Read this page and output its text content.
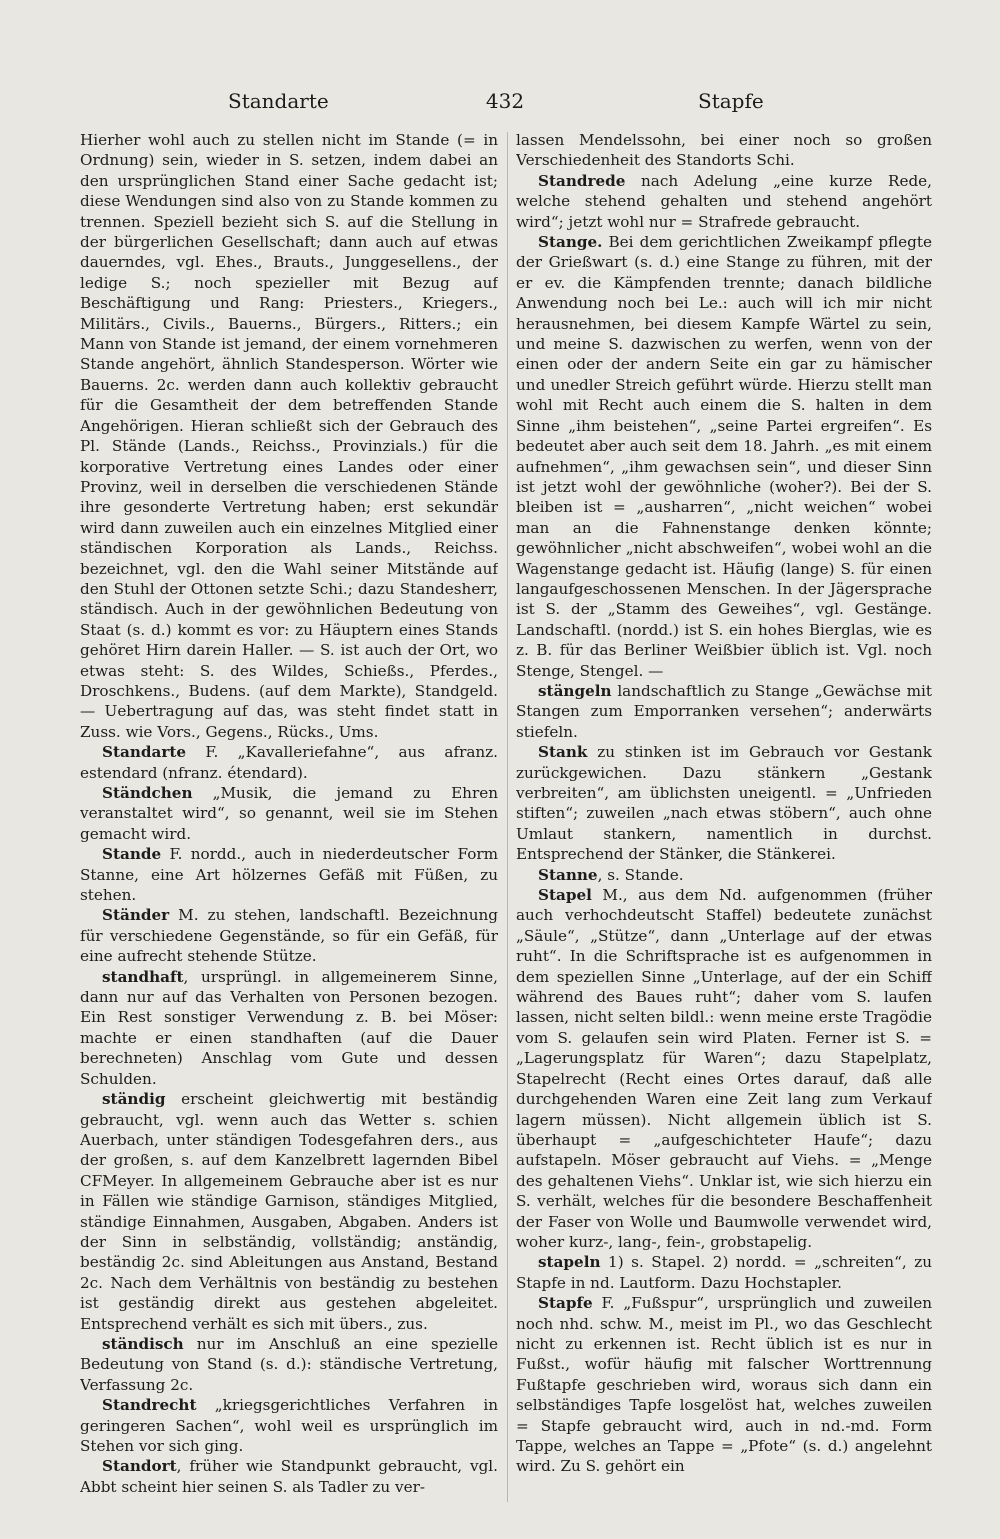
Standarte	432	Stapfe

Hierher wohl auch zu stellen nicht im Stande (= in Ordnung) sein, wieder in S. setzen, indem dabei an den ursprünglichen Stand einer Sache gedacht ist; diese Wendungen sind also von zu Stande kommen zu trennen. Speziell bezieht sich S. auf die Stellung in der bürgerlichen Gesellschaft; dann auch auf etwas dauerndes, vgl. Ehes., Brauts., Junggesellens., der ledige S.; noch spezieller mit Bezug auf Beschäftigung und Rang: Priesters., Kriegers., Militärs., Civils., Bauerns., Bürgers., Ritters.; ein Mann von Stande ist jemand, der einem vornehmeren Stande angehört, ähnlich Standesperson. Wörter wie Bauerns. 2c. werden dann auch kollektiv gebraucht für die Gesamtheit der dem betreffenden Stande Angehörigen. Hieran schließt sich der Gebrauch des Pl. Stände (Lands., Reichss., Provinzials.) für die korporative Vertretung eines Landes oder einer Provinz, weil in derselben die verschiedenen Stände ihre gesonderte Vertretung haben; erst sekundär wird dann zuweilen auch ein einzelnes Mitglied einer ständischen Korporation als Lands., Reichss. bezeichnet, vgl. den die Wahl seiner Mitstände auf den Stuhl der Ottonen setzte Schi.; dazu Standesherr, ständisch. Auch in der gewöhnlichen Bedeutung von Staat (s. d.) kommt es vor: zu Häuptern eines Stands gehöret Hirn darein Haller. — S. ist auch der Ort, wo etwas steht: S. des Wildes, Schießs., Pferdes., Droschkens., Budens. (auf dem Markte), Standgeld. — Uebertragung auf das, was steht findet statt in Zuss. wie Vors., Gegens., Rücks., Ums.

Standarte F. „Kavalleriefahne“, aus afranz. estendard (nfranz. étendard).

Ständchen „Musik, die jemand zu Ehren veranstaltet wird“, so genannt, weil sie im Stehen gemacht wird.

Stande F. nordd., auch in niederdeutscher Form Stanne, eine Art hölzernes Gefäß mit Füßen, zu stehen.

Ständer M. zu stehen, landschaftl. Bezeichnung für verschiedene Gegenstände, so für ein Gefäß, für eine aufrecht stehende Stütze.

standhaft, ursprüngl. in allgemeinerem Sinne, dann nur auf das Verhalten von Personen bezogen. Ein Rest sonstiger Verwendung z. B. bei Möser: machte er einen standhaften (auf die Dauer berechneten) Anschlag vom Gute und dessen Schulden.

ständig erscheint gleichwertig mit beständig gebraucht, vgl. wenn auch das Wetter s. schien Auerbach, unter ständigen Todesgefahren ders., aus der großen, s. auf dem Kanzelbrett lagernden Bibel CFMeyer. In allgemeinem Gebrauche aber ist es nur in Fällen wie ständige Garnison, ständiges Mitglied, ständige Einnahmen, Ausgaben, Abgaben. Anders ist der Sinn in selbständig, vollständig; anständig, beständig 2c. sind Ableitungen aus Anstand, Bestand 2c. Nach dem Verhältnis von beständig zu bestehen ist geständig direkt aus gestehen abgeleitet. Entsprechend verhält es sich mit übers., zus.

ständisch nur im Anschluß an eine spezielle Bedeutung von Stand (s. d.): ständische Vertretung, Verfassung 2c.

Standrecht „kriegsgerichtliches Verfahren in geringeren Sachen“, wohl weil es ursprünglich im Stehen vor sich ging.

Standort, früher wie Standpunkt gebraucht, vgl. Abbt scheint hier seinen S. als Tadler zu ver-

lassen Mendelssohn, bei einer noch so großen Verschiedenheit des Standorts Schi.

Standrede nach Adelung „eine kurze Rede, welche stehend gehalten und stehend angehört wird“; jetzt wohl nur = Strafrede gebraucht.

Stange. Bei dem gerichtlichen Zweikampf pflegte der Grießwart (s. d.) eine Stange zu führen, mit der er ev. die Kämpfenden trennte; danach bildliche Anwendung noch bei Le.: auch will ich mir nicht herausnehmen, bei diesem Kampfe Wärtel zu sein, und meine S. dazwischen zu werfen, wenn von der einen oder der andern Seite ein gar zu hämischer und unedler Streich geführt würde. Hierzu stellt man wohl mit Recht auch einem die S. halten in dem Sinne „ihm beistehen“, „seine Partei ergreifen“. Es bedeutet aber auch seit dem 18. Jahrh. „es mit einem aufnehmen“, „ihm gewachsen sein“, und dieser Sinn ist jetzt wohl der gewöhnliche (woher?). Bei der S. bleiben ist = „ausharren“, „nicht weichen“ wobei man an die Fahnenstange denken könnte; gewöhnlicher „nicht abschweifen“, wobei wohl an die Wagenstange gedacht ist. Häufig (lange) S. für einen langaufgeschossenen Menschen. In der Jägersprache ist S. der „Stamm des Geweihes“, vgl. Gestänge. Landschaftl. (nordd.) ist S. ein hohes Bierglas, wie es z. B. für das Berliner Weißbier üblich ist. Vgl. noch Stenge, Stengel. —

stängeln landschaftlich zu Stange „Gewächse mit Stangen zum Emporranken versehen“; anderwärts stiefeln.

Stank zu stinken ist im Gebrauch vor Gestank zurückgewichen. Dazu stänkern „Gestank verbreiten“, am üblichsten uneigentl. = „Unfrieden stiften“; zuweilen „nach etwas stöbern“, auch ohne Umlaut stankern, namentlich in durchst. Entsprechend der Stänker, die Stänkerei.

Stanne, s. Stande.

Stapel M., aus dem Nd. aufgenommen (früher auch verhochdeutscht Staffel) bedeutete zunächst „Säule“, „Stütze“, dann „Unterlage auf der etwas ruht“. In die Schriftsprache ist es aufgenommen in dem speziellen Sinne „Unterlage, auf der ein Schiff während des Baues ruht“; daher vom S. laufen lassen, nicht selten bildl.: wenn meine erste Tragödie vom S. gelaufen sein wird Platen. Ferner ist S. = „Lagerungsplatz für Waren“; dazu Stapelplatz, Stapelrecht (Recht eines Ortes darauf, daß alle durchgehenden Waren eine Zeit lang zum Verkauf lagern müssen). Nicht allgemein üblich ist S. überhaupt = „aufgeschichteter Haufe“; dazu aufstapeln. Möser gebraucht auf Viehs. = „Menge des gehaltenen Viehs“. Unklar ist, wie sich hierzu ein S. verhält, welches für die besondere Beschaffenheit der Faser von Wolle und Baumwolle verwendet wird, woher kurz-, lang-, fein-, grobstapelig.

stapeln 1) s. Stapel. 2) nordd. = „schreiten“, zu Stapfe in nd. Lautform. Dazu Hochstapler.

Stapfe F. „Fußspur“, ursprünglich und zuweilen noch nhd. schw. M., meist im Pl., wo das Geschlecht nicht zu erkennen ist. Recht üblich ist es nur in Fußst., wofür häufig mit falscher Worttrennung Fußtapfe geschrieben wird, woraus sich dann ein selbständiges Tapfe losgelöst hat, welches zuweilen = Stapfe gebraucht wird, auch in nd.-md. Form Tappe, welches an Tappe = „Pfote“ (s. d.) angelehnt wird. Zu S. gehört ein
